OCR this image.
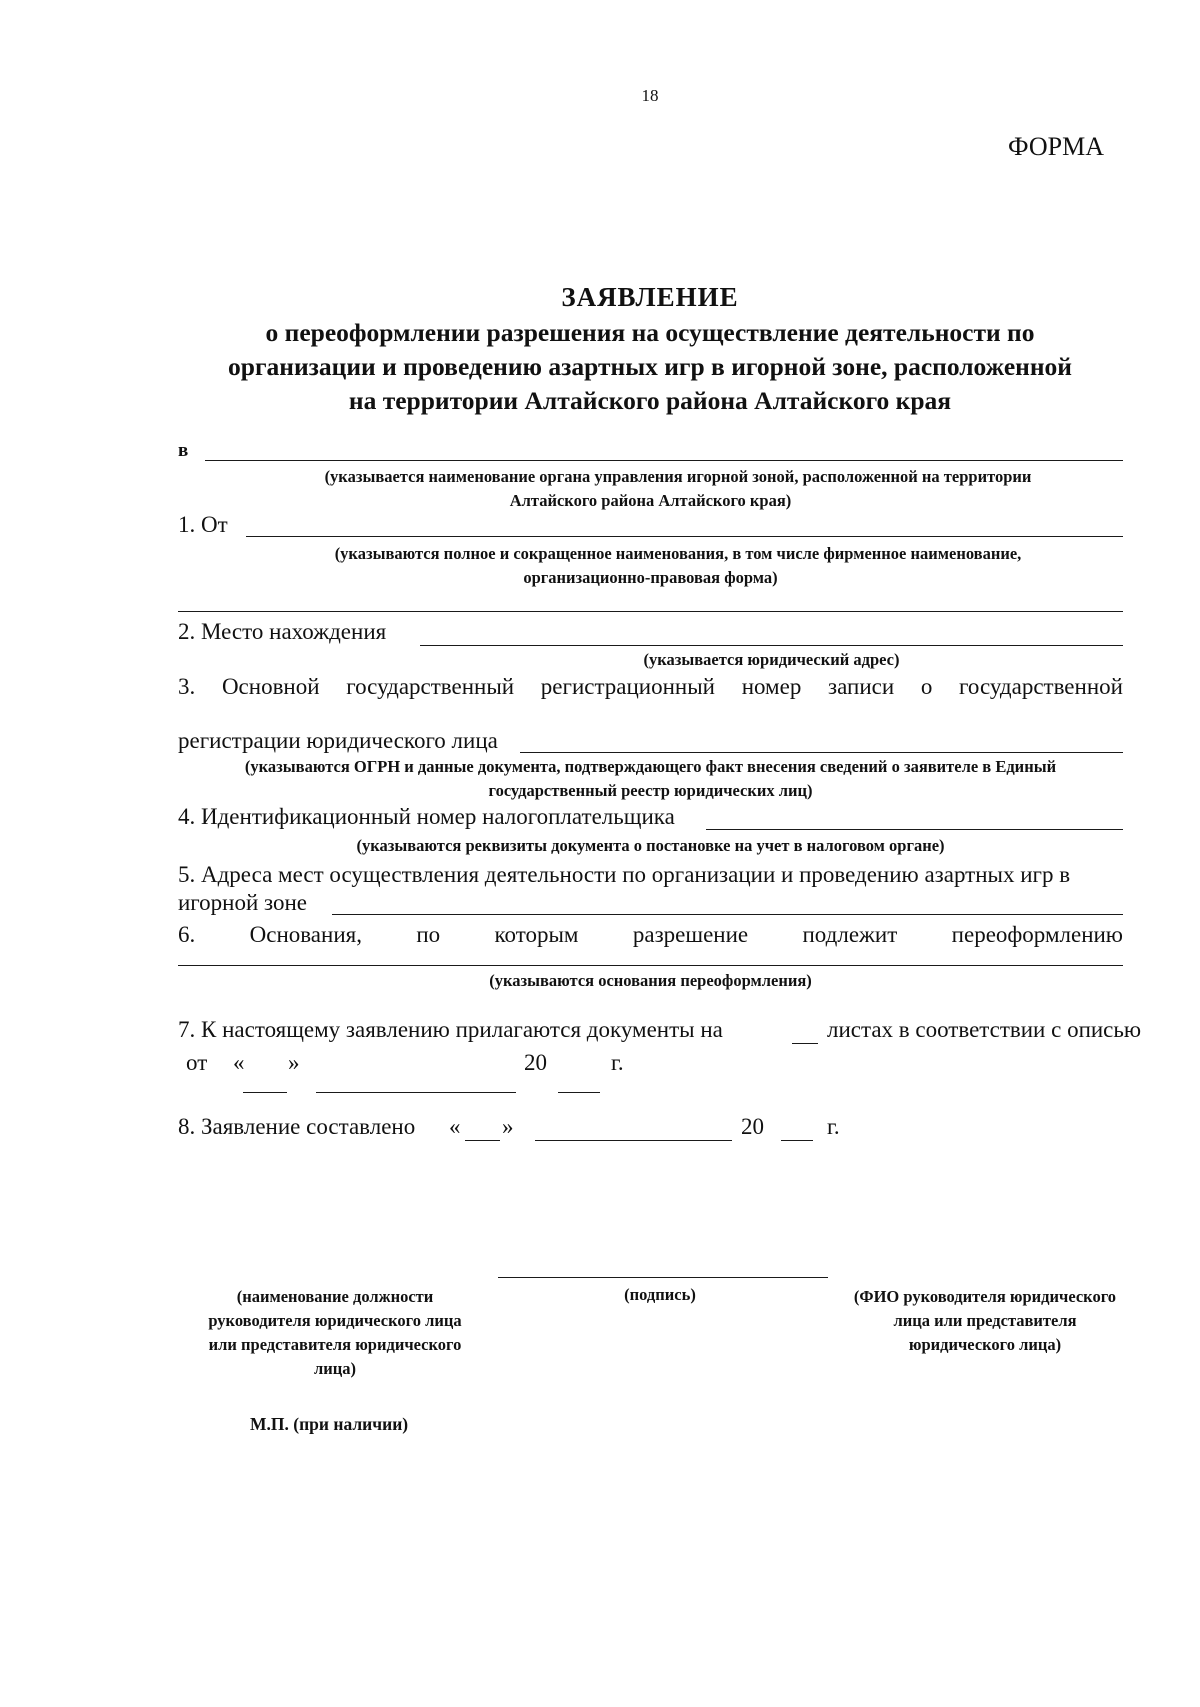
18
ФОРМА
ЗАЯВЛЕНИЕ
о переоформлении разрешения на осуществление деятельности по
организации и проведению азартных игр в игорной зоне, расположенной
на территории Алтайского района Алтайского края
в
(указывается наименование органа управления игорной зоной, расположенной на территории
Алтайского района Алтайского края)
1. От
(указываются полное и сокращенное наименования, в том числе фирменное наименование,
организационно-правовая форма)
2. Место нахождения
(указывается юридический адрес)
3. Основной государственный регистрационный номер записи о государственной
регистрации юридического лица
(указываются ОГРН и данные документа, подтверждающего факт внесения сведений о заявителе в Единый
государственный реестр юридических лиц)
4. Идентификационный номер налогоплательщика
(указываются реквизиты документа о постановке на учет в налоговом органе)
5. Адреса мест осуществления деятельности по организации и проведению азартных игр в
игорной зоне
6. Основания, по которым разрешение подлежит переоформлению
(указываются основания переоформления)
7. К настоящему заявлению прилагаются документы на	листах в соответствии с описью
от « »	20	г.
8. Заявление составлено « »	20	г.
(наименование должности
руководителя юридического лица
или представителя юридического
лица)
(подпись)	(ФИО руководителя юридического
лица или представителя
юридического лица)
М.П. (при наличии)
